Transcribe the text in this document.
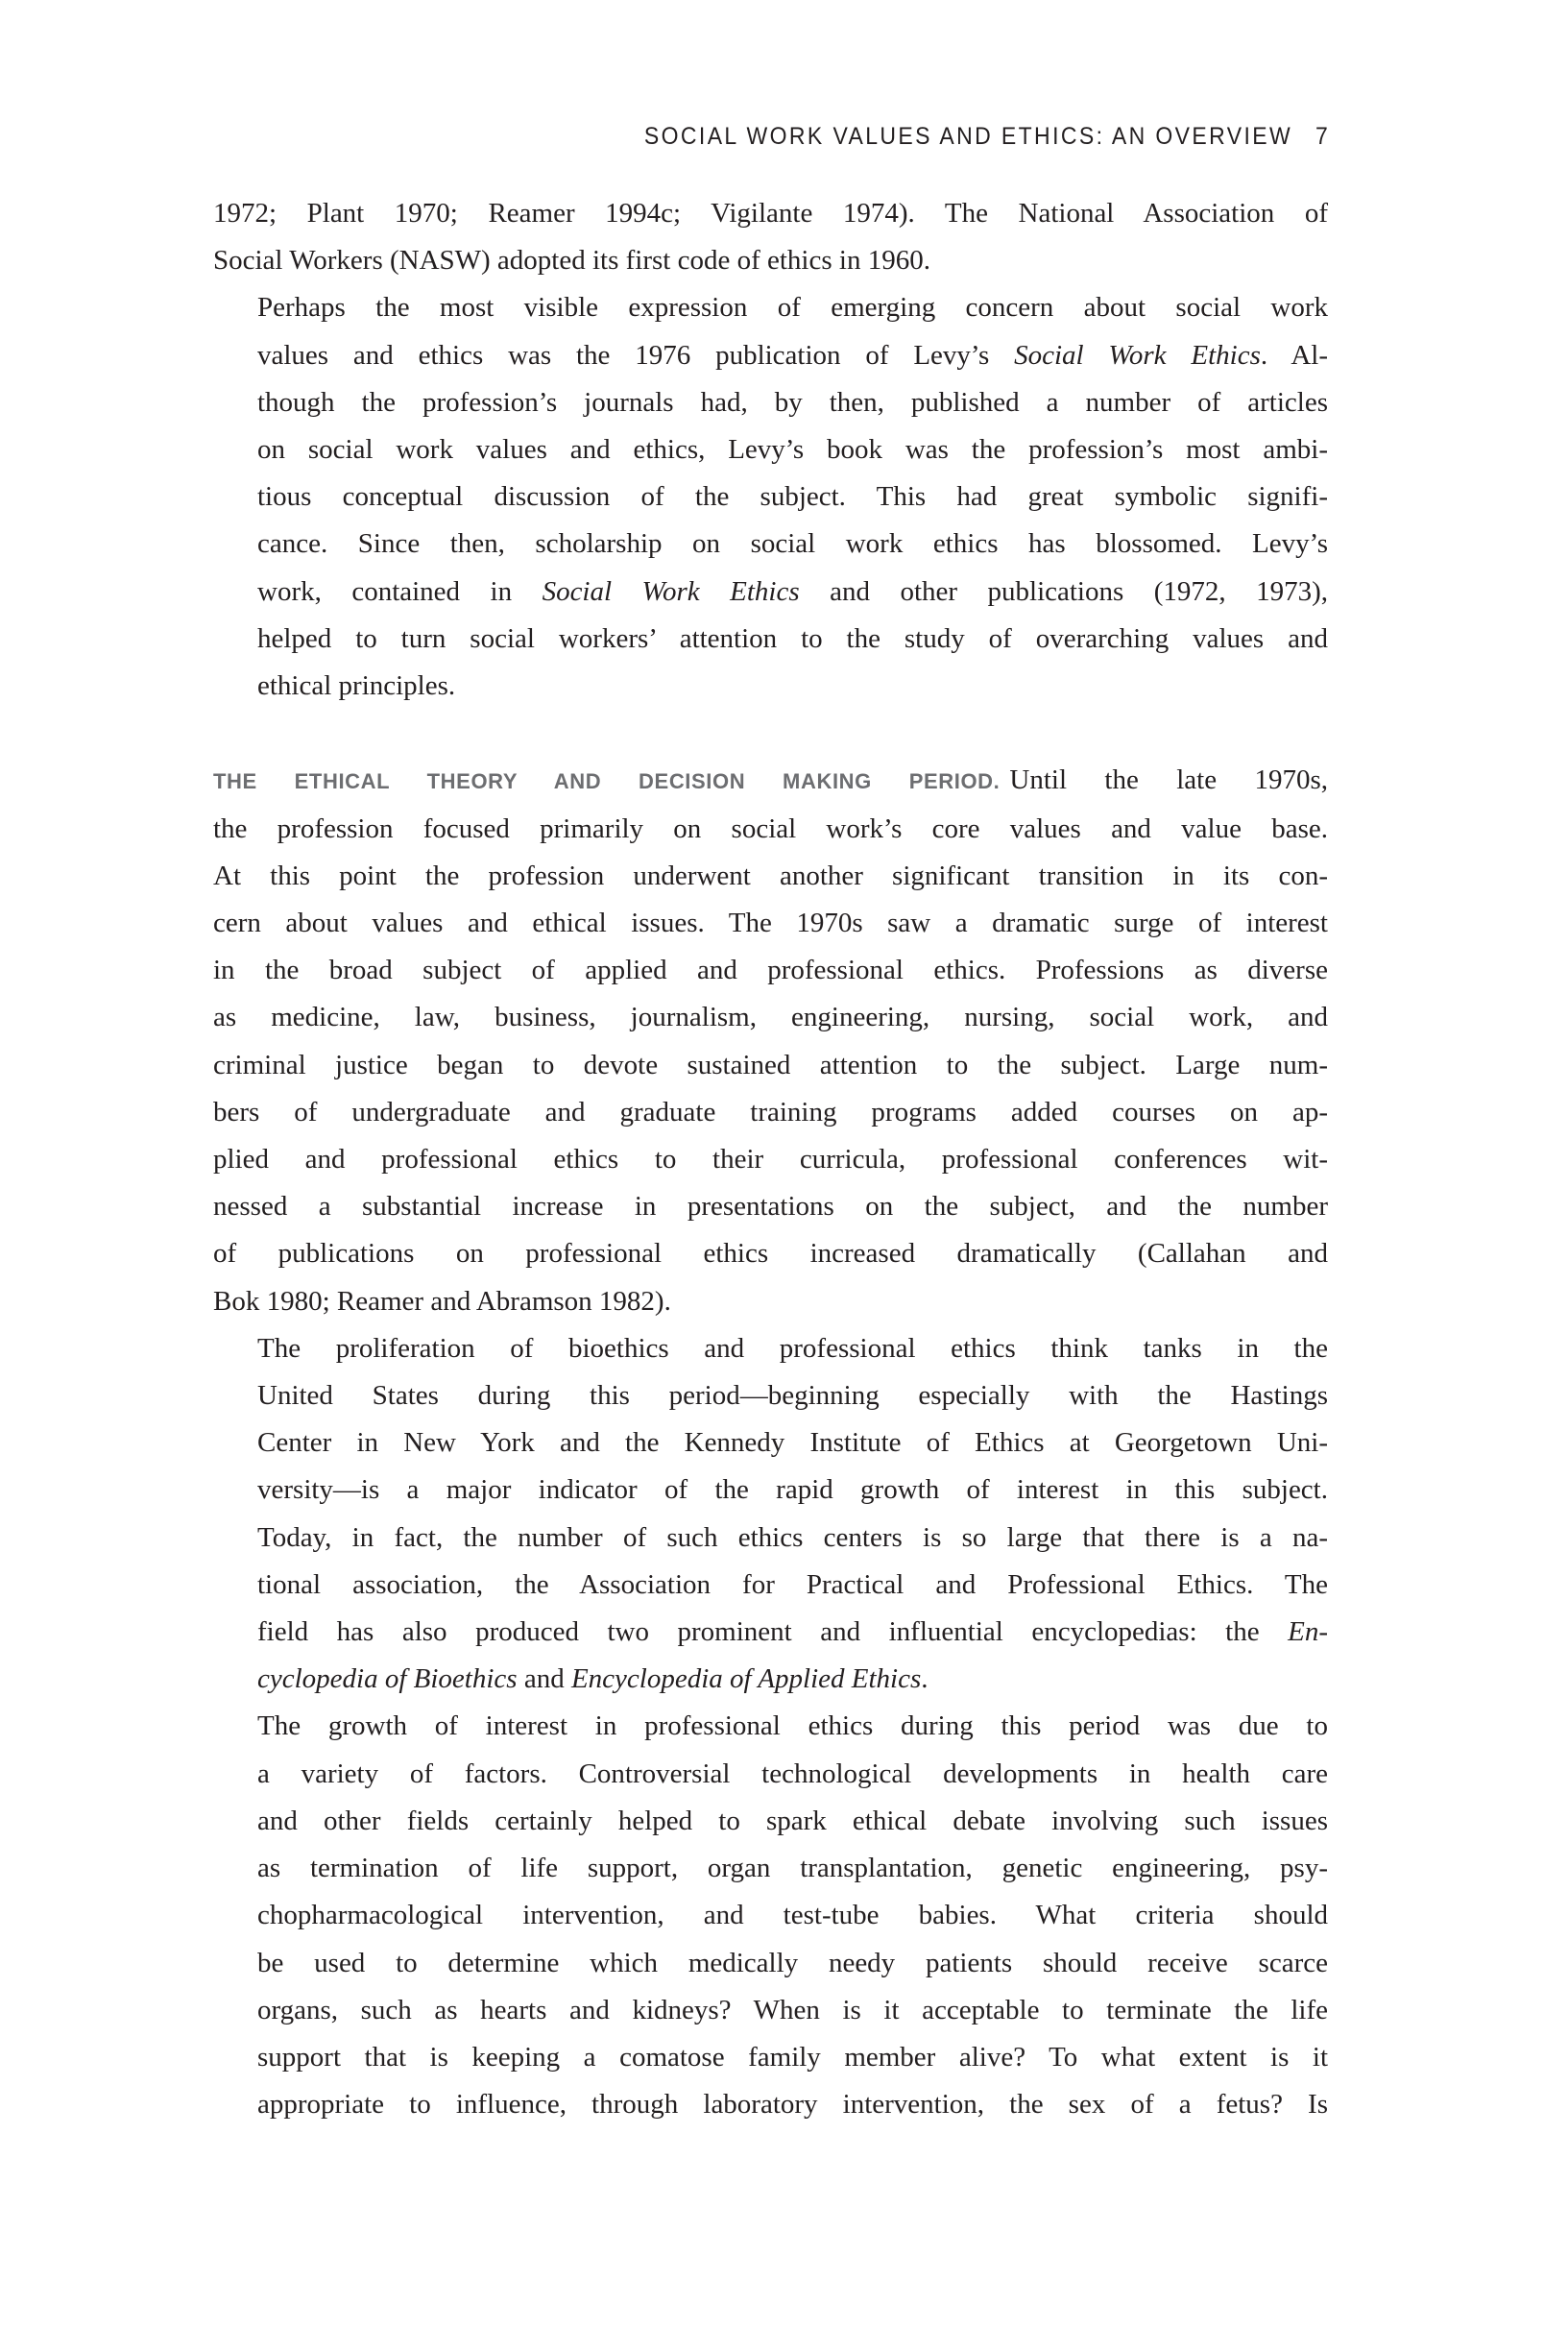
SOCIAL WORK VALUES AND ETHICS: AN OVERVIEW 7

1972; Plant 1970; Reamer 1994c; Vigilante 1974). The National Association of
Social Workers (NASW) adopted its first code of ethics in 1960.

Perhaps the most visible expression of emerging concern about social work
values and ethics was the 1976 publication of Levy’s Social Work Ethics. Al-
though the profession’s journals had, by then, published a number of articles
on social work values and ethics, Levy’s book was the profession’s most ambi-
tious conceptual discussion of the subject. This had great symbolic signifi-
cance. Since then, scholarship on social work ethics has blossomed. Levy’s
work, contained in Social Work Ethics and other publications (1972, 1973),
helped to turn social workers’ attention to the study of overarching values and
ethical principles.

THE ETHICAL THEORY AND DECISION MAKING PERIOD. Until the late 1970s,
the profession focused primarily on social work’s core values and value base.
At this point the profession underwent another significant transition in its con-
cern about values and ethical issues. The 1970s saw a dramatic surge of interest
in the broad subject of applied and professional ethics. Professions as diverse
as medicine, law, business, journalism, engineering, nursing, social work, and
criminal justice began to devote sustained attention to the subject. Large num-
bers of undergraduate and graduate training programs added courses on ap-
plied and professional ethics to their curricula, professional conferences wit-
nessed a substantial increase in presentations on the subject, and the number
of publications on professional ethics increased dramatically (Callahan and
Bok 1980; Reamer and Abramson 1982).

The proliferation of bioethics and professional ethics think tanks in the
United States during this period—beginning especially with the Hastings
Center in New York and the Kennedy Institute of Ethics at Georgetown Uni-
versity—is a major indicator of the rapid growth of interest in this subject.
Today, in fact, the number of such ethics centers is so large that there is a na-
tional association, the Association for Practical and Professional Ethics. The
field has also produced two prominent and influential encyclopedias: the En-
cyclopedia of Bioethics and Encyclopedia of Applied Ethics.

The growth of interest in professional ethics during this period was due to
a variety of factors. Controversial technological developments in health care
and other fields certainly helped to spark ethical debate involving such issues
as termination of life support, organ transplantation, genetic engineering, psy-
chopharmacological intervention, and test-tube babies. What criteria should
be used to determine which medically needy patients should receive scarce
organs, such as hearts and kidneys? When is it acceptable to terminate the life
support that is keeping a comatose family member alive? To what extent is it
appropriate to influence, through laboratory intervention, the sex of a fetus? Is
